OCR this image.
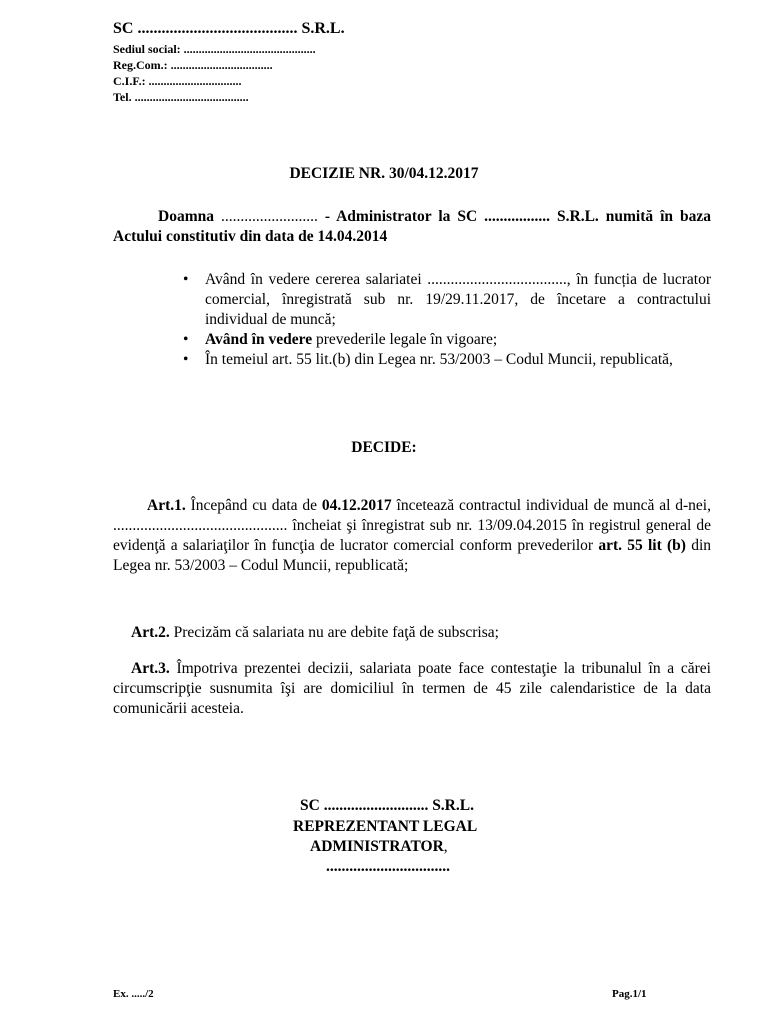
SC ........................................ S.R.L.
Sediul social: ............................................
Reg.Com.: ..................................
C.I.F.: ...............................
Tel. ......................................
DECIZIE NR. 30/04.12.2017
Doamna ......................... - Administrator la SC ................. S.R.L. numită în baza Actului constitutiv din data de 14.04.2014
• Având în vedere cererea salariatei ...................................., în funcția de lucrator comercial, înregistrată sub nr. 19/29.11.2017, de încetare a contractului individual de muncă;
• Având în vedere prevederile legale în vigoare;
• În temeiul art. 55 lit.(b) din Legea nr. 53/2003 – Codul Muncii, republicată,
DECIDE:
Art.1. Începând cu data de 04.12.2017 încetează contractul individual de muncă al d-nei, ............................................. încheiat şi înregistrat sub nr. 13/09.04.2015 în registrul general de evidenţă a salariaţilor în funcţia de lucrator comercial conform prevederilor art. 55 lit (b) din Legea nr. 53/2003 – Codul Muncii, republicată;
Art.2. Precizăm că salariata nu are debite faţă de subscrisa;
Art.3. Împotriva prezentei decizii, salariata poate face contestaţie la tribunalul în a cărei circumscripţie susnumita îşi are domiciliul în termen de 45 zile calendaristice de la data comunicării acesteia.
SC ........................... S.R.L.
REPREZENTANT LEGAL
ADMINISTRATOR,
................................
Ex. ...../2	Pag.1/1
